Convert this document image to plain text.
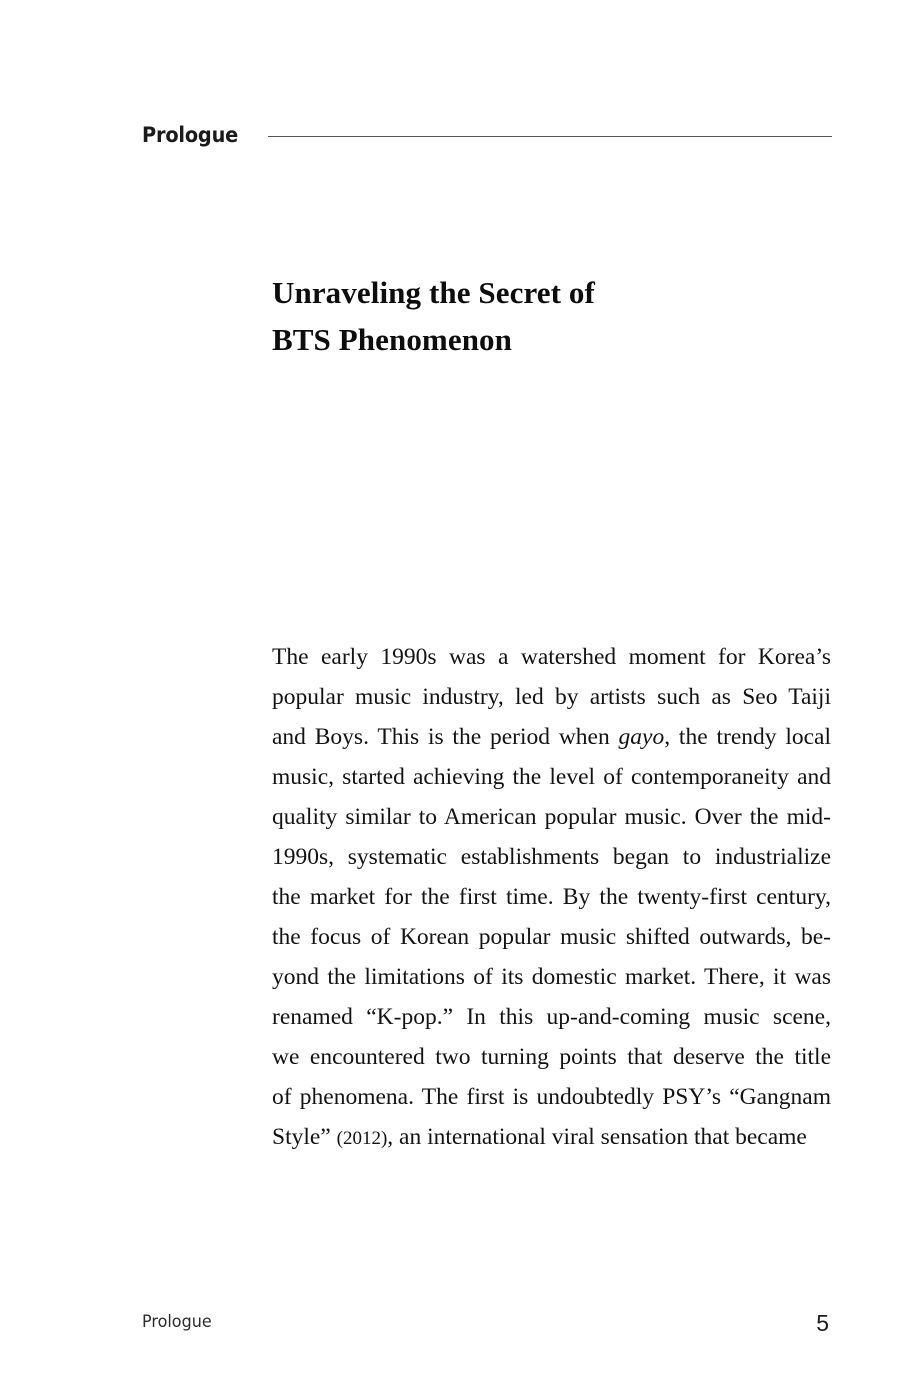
Prologue
Unraveling the Secret of
BTS Phenomenon
The early 1990s was a watershed moment for Korea’s
popular music industry, led by artists such as Seo Taiji
and Boys. This is the period when gayo, the trendy local
music, started achieving the level of contemporaneity and
quality similar to American popular music. Over the mid-
1990s, systematic establishments began to industrialize
the market for the first time. By the twenty-first century,
the focus of Korean popular music shifted outwards, be-
yond the limitations of its domestic market. There, it was
renamed “K-pop.” In this up-and-coming music scene,
we encountered two turning points that deserve the title
of phenomena. The first is undoubtedly PSY’s “Gangnam
Style” (2012), an international viral sensation that became
Prologue	5
